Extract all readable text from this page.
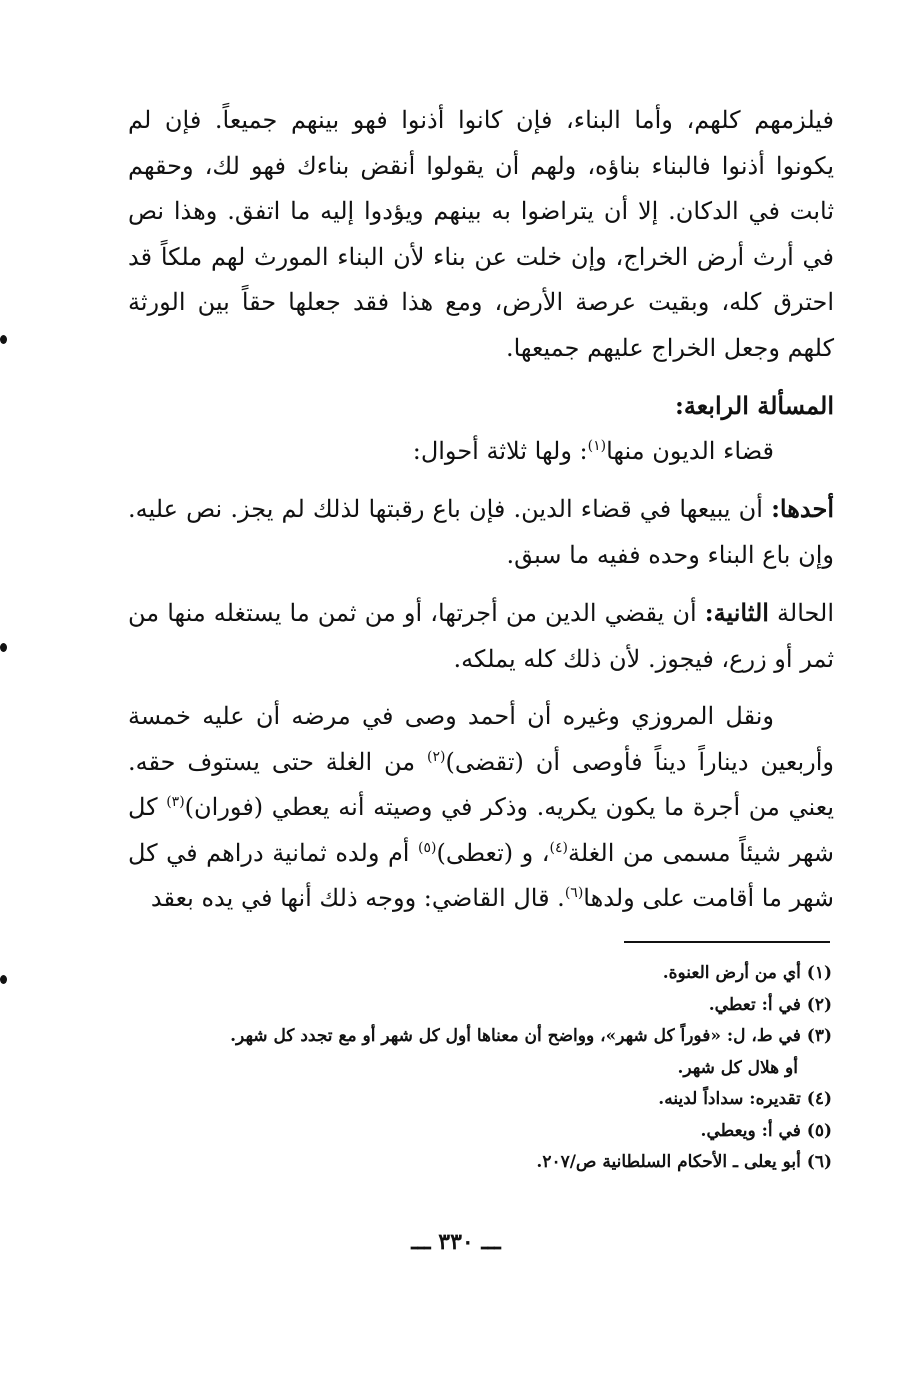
فيلزمهم كلهم، وأما البناء، فإن كانوا أذنوا فهو بينهم جميعاً. فإن لم يكونوا أذنوا فالبناء بناؤه، ولهم أن يقولوا أنقض بناءك فهو لك، وحقهم ثابت في الدكان. إلا أن يتراضوا به بينهم ويؤدوا إليه ما اتفق. وهذا نص في أرث أرض الخراج، وإن خلت عن بناء لأن البناء المورث لهم ملكاً قد احترق كله، وبقيت عرصة الأرض، ومع هذا فقد جعلها حقاً بين الورثة كلهم وجعل الخراج عليهم جميعها.

المسألة الرابعة:

قضاء الديون منها$^{(١)}$: ولها ثلاثة أحوال:

أحدها: أن يبيعها في قضاء الدين. فإن باع رقبتها لذلك لم يجز. نص عليه. وإن باع البناء وحده ففيه ما سبق.

الحالة الثانية: أن يقضي الدين من أجرتها، أو من ثمن ما يستغله منها من ثمر أو زرع، فيجوز. لأن ذلك كله يملكه.

ونقل المروزي وغيره أن أحمد وصى في مرضه أن عليه خمسة وأربعين ديناراً ديناً فأوصى أن (تقضى)$^{(٢)}$ من الغلة حتى يستوف حقه. يعني من أجرة ما يكون يكريه. وذكر في وصيته أنه يعطي (فوران)$^{(٣)}$ كل شهر شيئاً مسمى من الغلة$^{(٤)}$، و (تعطى)$^{(٥)}$ أم ولده ثمانية دراهم في كل شهر ما أقامت على ولدها$^{(٦)}$. قال القاضي: ووجه ذلك أنها في يده بعقد

(١) أي من أرض العنوة.

(٢) في أ: تعطي.

(٣) في ط، ل: «فوراً كل شهر»، وواضح أن معناها أول كل شهر أو مع تجدد كل شهر.

أو هلال كل شهر.

(٤) تقديره: سداداً لدينه.

(٥) في أ: ويعطي.

(٦) أبو يعلى ـ الأحكام السلطانية ص/٢٠٧.

ـــ ٣٣٠ ـــ
